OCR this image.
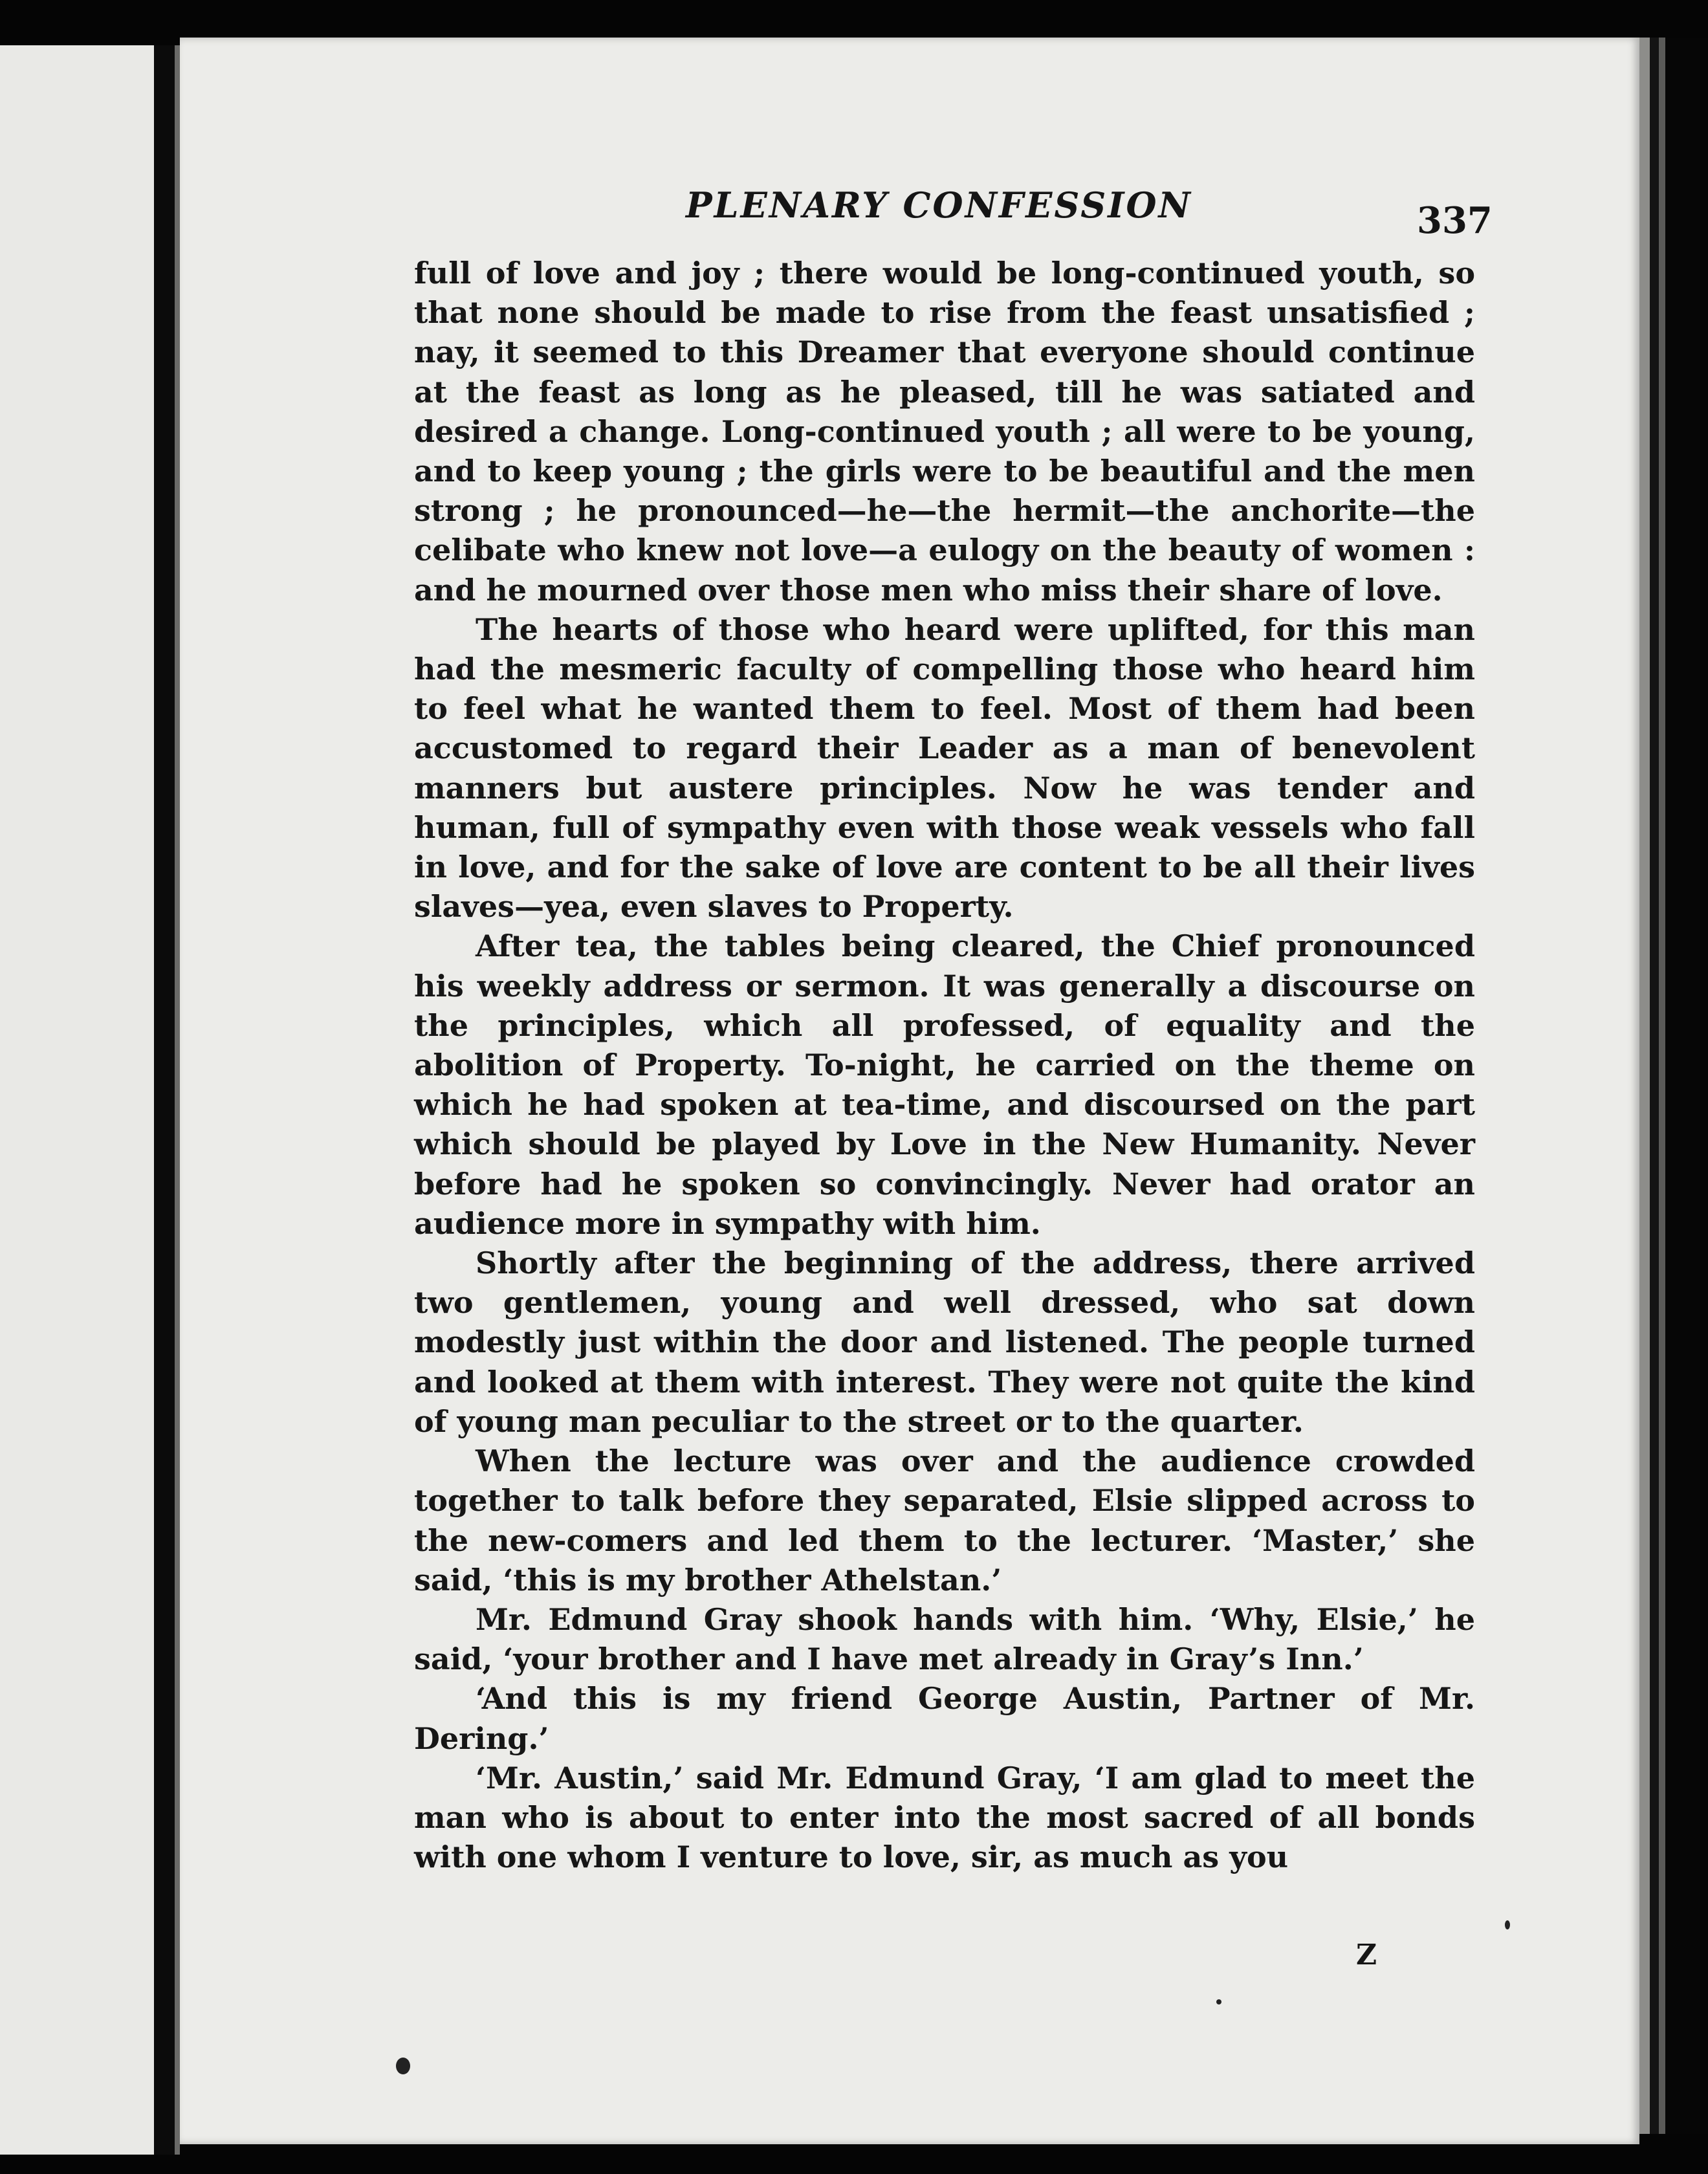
PLENARY CONFESSION	337

full of love and joy ; there would be long-continued youth, so that none should be made to rise from the feast unsatisfied ; nay, it seemed to this Dreamer that everyone should continue at the feast as long as he pleased, till he was satiated and desired a change. Long-continued youth ; all were to be young, and to keep young ; the girls were to be beautiful and the men strong ; he pronounced—he—the hermit—the anchorite—the celibate who knew not love—a eulogy on the beauty of women : and he mourned over those men who miss their share of love.

The hearts of those who heard were uplifted, for this man had the mesmeric faculty of compelling those who heard him to feel what he wanted them to feel. Most of them had been accustomed to regard their Leader as a man of benevolent manners but austere principles. Now he was tender and human, full of sympathy even with those weak vessels who fall in love, and for the sake of love are content to be all their lives slaves—yea, even slaves to Property.

After tea, the tables being cleared, the Chief pronounced his weekly address or sermon. It was generally a discourse on the principles, which all professed, of equality and the abolition of Property. To-night, he carried on the theme on which he had spoken at tea-time, and discoursed on the part which should be played by Love in the New Humanity. Never before had he spoken so convincingly. Never had orator an audience more in sympathy with him.

Shortly after the beginning of the address, there arrived two gentlemen, young and well dressed, who sat down modestly just within the door and listened. The people turned and looked at them with interest. They were not quite the kind of young man peculiar to the street or to the quarter.

When the lecture was over and the audience crowded together to talk before they separated, Elsie slipped across to the new-comers and led them to the lecturer. ‘Master,’ she said, ‘this is my brother Athelstan.’

Mr. Edmund Gray shook hands with him. ‘Why, Elsie,’ he said, ‘your brother and I have met already in Gray’s Inn.’

‘And this is my friend George Austin, Partner of Mr. Dering.’

‘Mr. Austin,’ said Mr. Edmund Gray, ‘I am glad to meet the man who is about to enter into the most sacred of all bonds with one whom I venture to love, sir, as much as you

Z
